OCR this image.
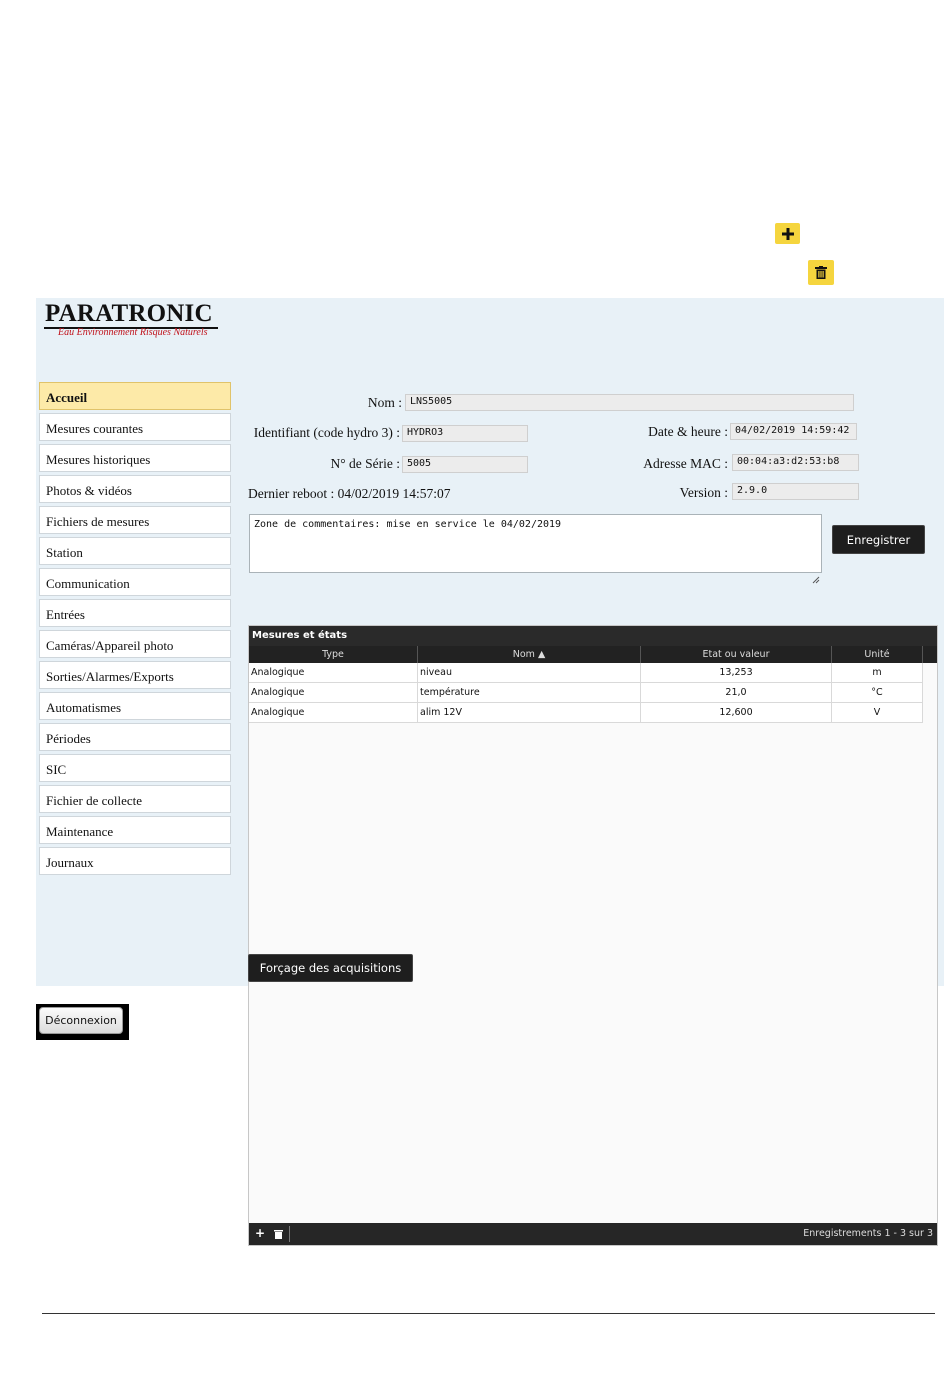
PARATRONIC
Eau Environnement Risques Naturels
Accueil
Mesures courantes
Mesures historiques
Photos & vidéos
Fichiers de mesures
Station
Communication
Entrées
Caméras/Appareil photo
Sorties/Alarmes/Exports
Automatismes
Périodes
SIC
Fichier de collecte
Maintenance
Journaux
Nom : LNS5005
Identifiant (code hydro 3) : HYDRO3
N° de Série : 5005
Dernier reboot : 04/02/2019 14:57:07
Date & heure : 04/02/2019 14:59:42
Adresse MAC : 00:04:a3:d2:53:b8
Version : 2.9.0
Zone de commentaires: mise en service le 04/02/2019
Enregistrer
Mesures et états
Type	Nom ▲	Etat ou valeur	Unité
Analogique	niveau	13,253	m
Analogique	température	21,0	°C
Analogique	alim 12V	12,600	V
+	Enregistrements 1 - 3 sur 3
Forçage des acquisitions
Déconnexion
